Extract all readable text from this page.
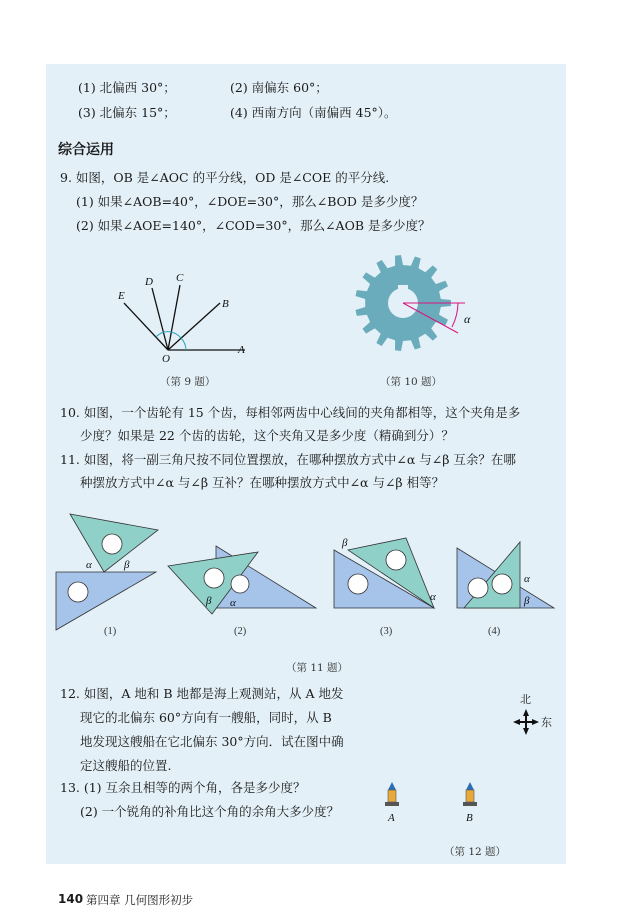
(1) 北偏西 30°；	(2) 南偏东 60°；
(3) 北偏东 15°；	(4) 西南方向（南偏西 45°）。
综合运用
9. 如图，OB 是∠AOC 的平分线，OD 是∠COE 的平分线.
(1) 如果∠AOB=40°，∠DOE=30°，那么∠BOD 是多少度？
(2) 如果∠AOE=140°，∠COD=30°，那么∠AOB 是多少度？
E
D C
B
A
O
（第 9 题）
α
（第 10 题）
10. 如图，一个齿轮有 15 个齿，每相邻两齿中心线间的夹角都相等，这个夹角是多
少度？如果是 22 个齿的齿轮，这个夹角又是多少度（精确到分）？
11. 如图，将一副三角尺按不同位置摆放，在哪种摆放方式中∠α 与∠β 互余？在哪
种摆放方式中∠α 与∠β 互补？在哪种摆放方式中∠α 与∠β 相等？
α	β
β α
β
α
α
β
(1)	(2)	(3)	(4)
（第 11 题）
12. 如图，A 地和 B 地都是海上观测站，从 A 地发
现它的北偏东 60°方向有一艘船，同时，从 B
地发现这艘船在它北偏东 30°方向．试在图中确
定这艘船的位置.
北
东
13. (1) 互余且相等的两个角，各是多少度？
(2) 一个锐角的补角比这个角的余角大多少度？	A	B
（第 12 题）
140 第四章 几何图形初步
